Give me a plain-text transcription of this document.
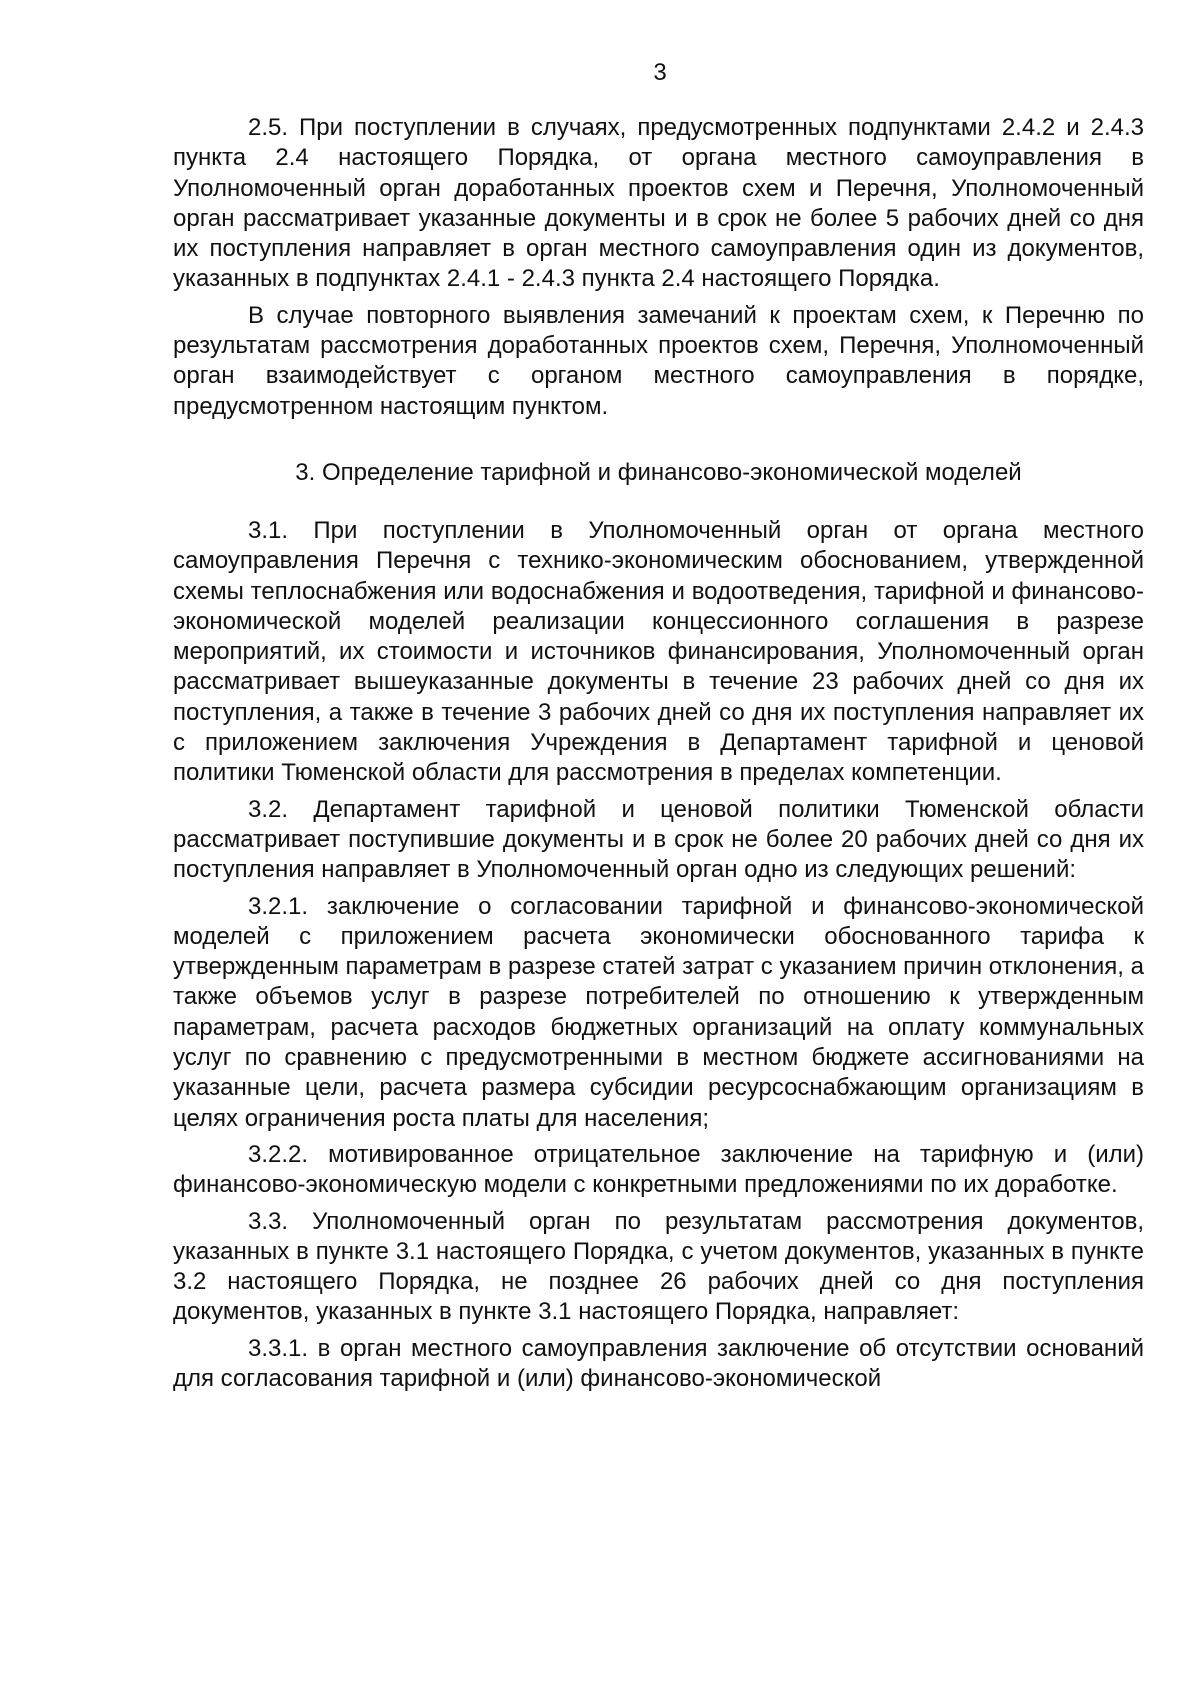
3

2.5. При поступлении в случаях, предусмотренных подпунктами 2.4.2 и 2.4.3 пункта 2.4 настоящего Порядка, от органа местного самоуправления в Уполномоченный орган доработанных проектов схем и Перечня, Уполномоченный орган рассматривает указанные документы и в срок не более 5 рабочих дней со дня их поступления направляет в орган местного самоуправления один из документов, указанных в подпунктах 2.4.1 - 2.4.3 пункта 2.4 настоящего Порядка.

В случае повторного выявления замечаний к проектам схем, к Перечню по результатам рассмотрения доработанных проектов схем, Перечня, Уполномоченный орган взаимодействует с органом местного самоуправления в порядке, предусмотренном настоящим пунктом.

3. Определение тарифной и финансово-экономической моделей

3.1. При поступлении в Уполномоченный орган от органа местного самоуправления Перечня с технико-экономическим обоснованием, утвержденной схемы теплоснабжения или водоснабжения и водоотведения, тарифной и финансово-экономической моделей реализации концессионного соглашения в разрезе мероприятий, их стоимости и источников финансирования, Уполномоченный орган рассматривает вышеуказанные документы в течение 23 рабочих дней со дня их поступления, а также в течение 3 рабочих дней со дня их поступления направляет их с приложением заключения Учреждения в Департамент тарифной и ценовой политики Тюменской области для рассмотрения в пределах компетенции.

3.2. Департамент тарифной и ценовой политики Тюменской области рассматривает поступившие документы и в срок не более 20 рабочих дней со дня их поступления направляет в Уполномоченный орган одно из следующих решений:

3.2.1. заключение о согласовании тарифной и финансово-экономической моделей с приложением расчета экономически обоснованного тарифа к утвержденным параметрам в разрезе статей затрат с указанием причин отклонения, а также объемов услуг в разрезе потребителей по отношению к утвержденным параметрам, расчета расходов бюджетных организаций на оплату коммунальных услуг по сравнению с предусмотренными в местном бюджете ассигнованиями на указанные цели, расчета размера субсидии ресурсоснабжающим организациям в целях ограничения роста платы для населения;

3.2.2. мотивированное отрицательное заключение на тарифную и (или) финансово-экономическую модели с конкретными предложениями по их доработке.

3.3. Уполномоченный орган по результатам рассмотрения документов, указанных в пункте 3.1 настоящего Порядка, с учетом документов, указанных в пункте 3.2 настоящего Порядка, не позднее 26 рабочих дней со дня поступления документов, указанных в пункте 3.1 настоящего Порядка, направляет:

3.3.1. в орган местного самоуправления заключение об отсутствии оснований для согласования тарифной и (или) финансово-экономической
